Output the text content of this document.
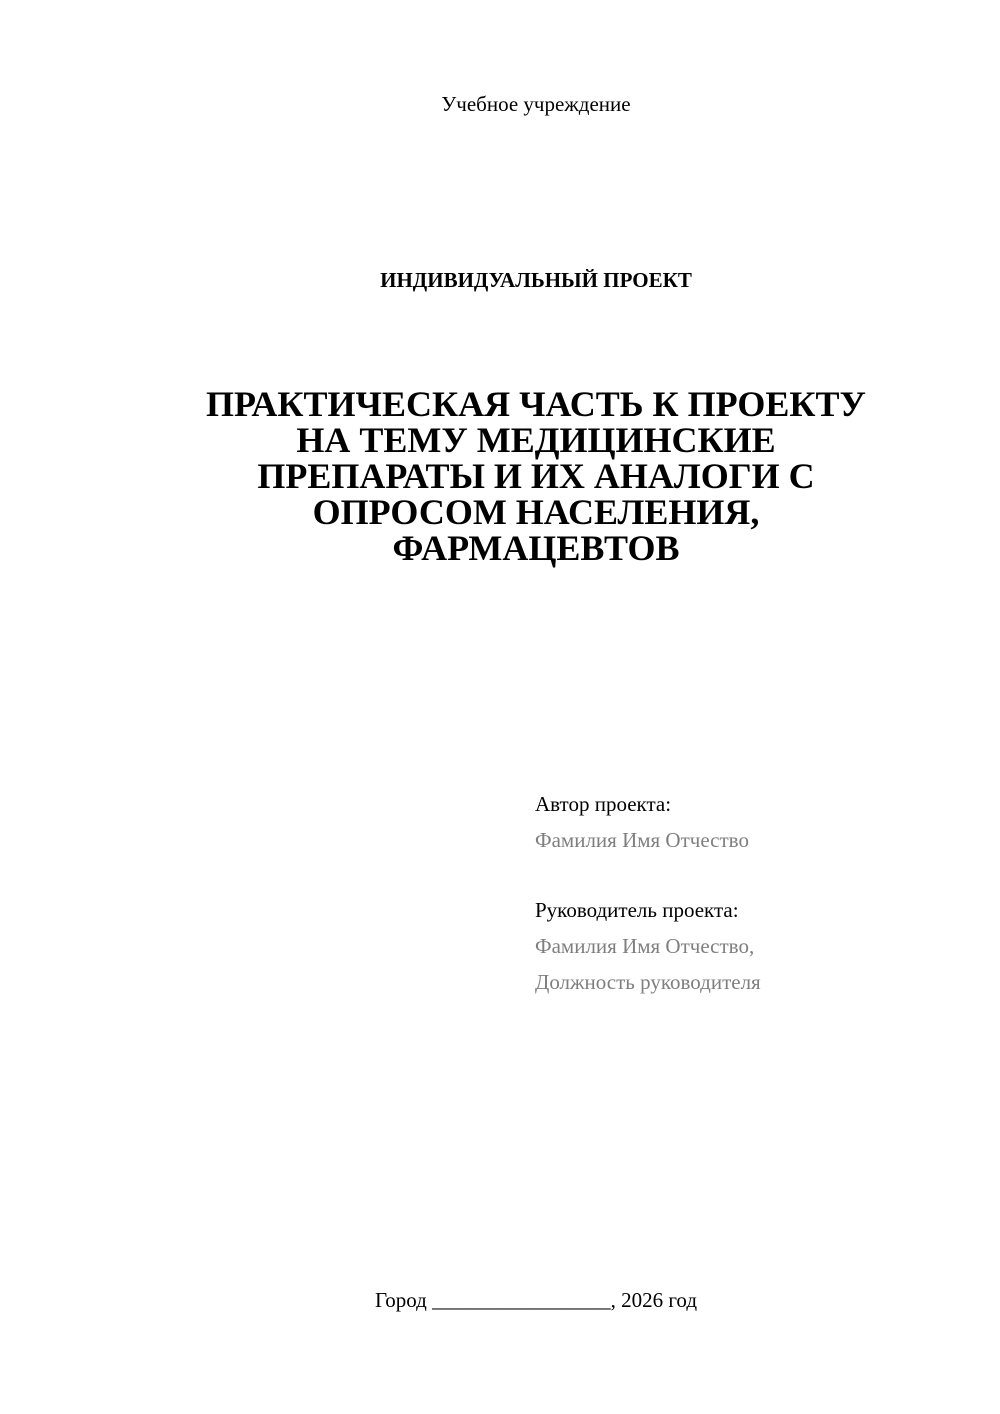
Учебное учреждение
ИНДИВИДУАЛЬНЫЙ ПРОЕКТ
ПРАКТИЧЕСКАЯ ЧАСТЬ К ПРОЕКТУ
НА ТЕМУ МЕДИЦИНСКИЕ
ПРЕПАРАТЫ И ИХ АНАЛОГИ С
ОПРОСОМ НАСЕЛЕНИЯ,
ФАРМАЦЕВТОВ
Автор проекта:
Фамилия Имя Отчество
Руководитель проекта:
Фамилия Имя Отчество,
Должность руководителя
Город _________________, 2026 год
